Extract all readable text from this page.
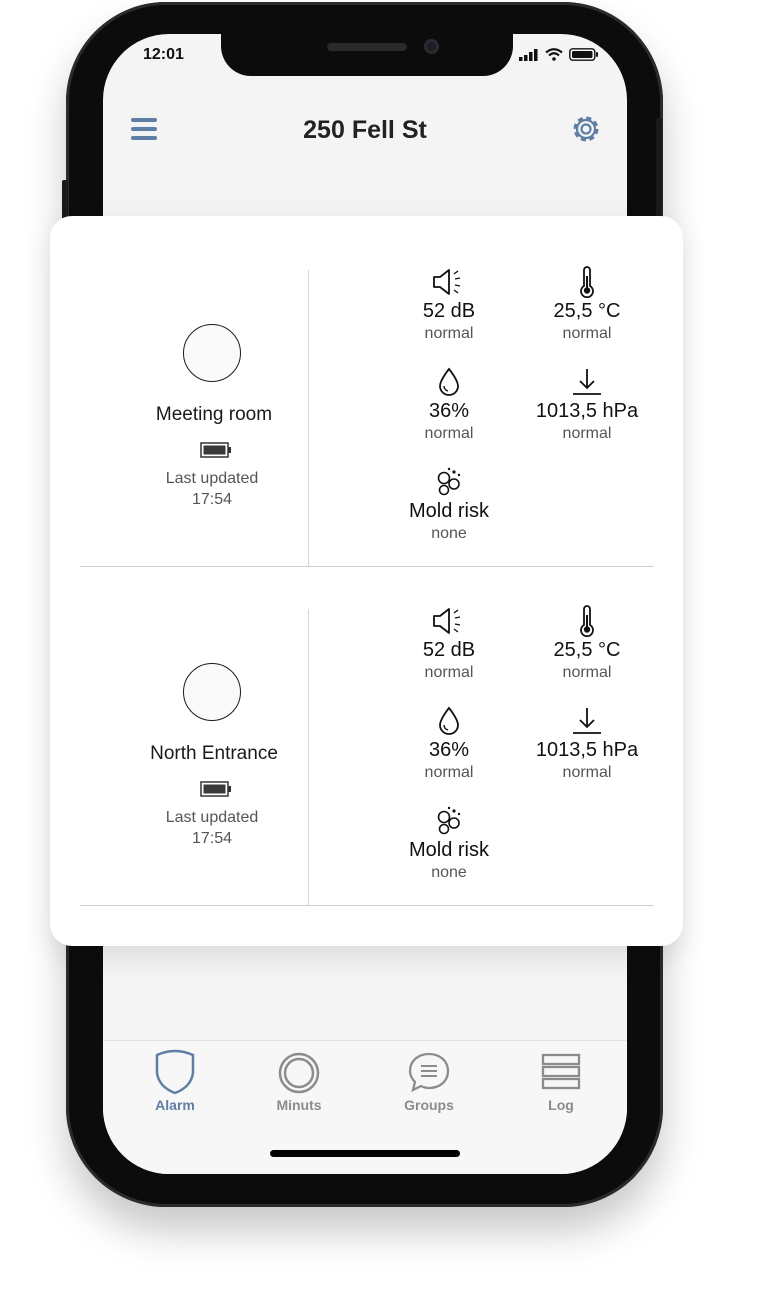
12:01
250 Fell St
Alarm	Minuts	Groups	Log
Meeting room
Last updated
17:54
52 dB
normal
25,5 °C
normal
36%
normal
1013,5 hPa
normal
Mold risk
none
North Entrance
Last updated
17:54
52 dB
normal
25,5 °C
normal
36%
normal
1013,5 hPa
normal
Mold risk
none
